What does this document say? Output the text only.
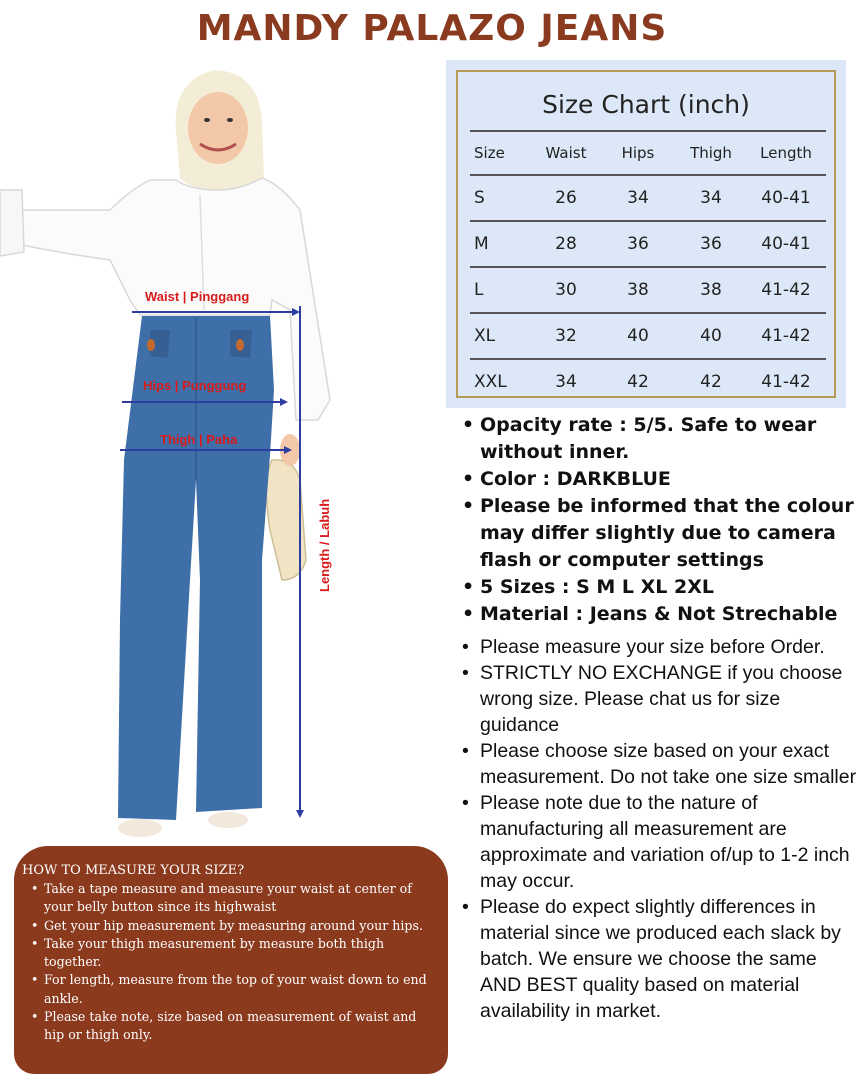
MANDY PALAZO JEANS
Waist | Pinggang
Hips | Punggung
Thigh | Paha
Length / Labuh
Size Chart (inch)
Size	Waist	Hips	Thigh	Length
S	26	34	34	40-41
M	28	36	36	40-41
L	30	38	38	41-42
XL	32	40	40	41-42
XXL	34	42	42	41-42
• Opacity rate : 5/5. Safe to wear without inner.
• Color : DARKBLUE
• Please be informed that the colour may differ slightly due to camera flash or computer settings
• 5 Sizes : S M L XL 2XL
• Material : Jeans & Not Strechable
• Please measure your size before Order.
• STRICTLY NO EXCHANGE if you choose wrong size. Please chat us for size guidance
• Please choose size based on your exact measurement. Do not take one size smaller
• Please note due to the nature of manufacturing all measurement are approximate and variation of/up to 1-2 inch may occur.
• Please do expect slightly differences in material since we produced each slack by batch. We ensure we choose the same AND BEST quality based on material availability in market.
HOW TO MEASURE YOUR SIZE?
• Take a tape measure and measure your waist at center of your belly button since its highwaist
• Get your hip measurement by measuring around your hips.
• Take your thigh measurement by measure both thigh together.
• For length, measure from the top of your waist down to end ankle.
• Please take note, size based on measurement of waist and hip or thigh only.
